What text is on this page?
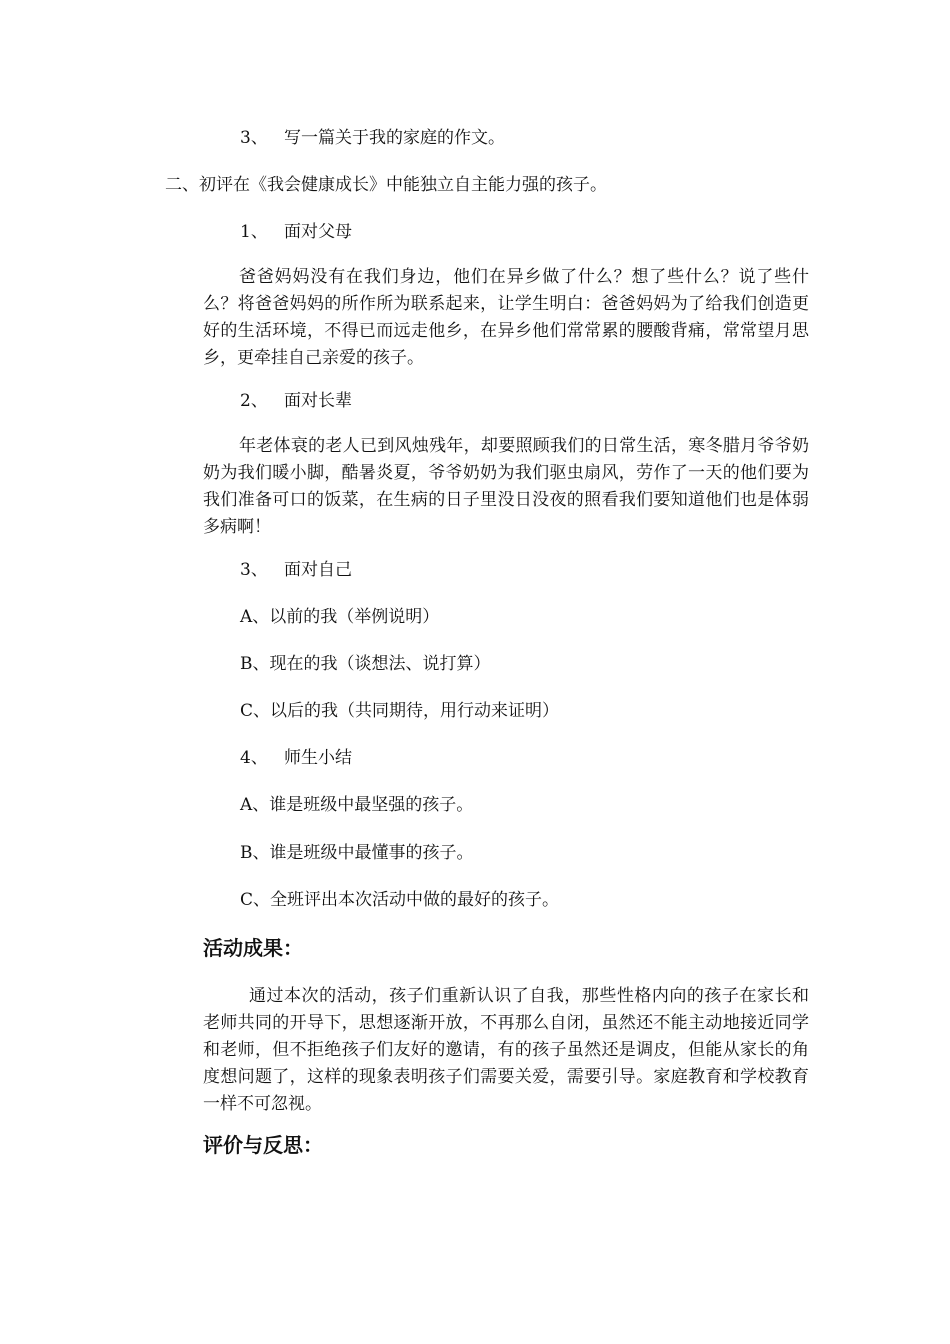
3、 写一篇关于我的家庭的作文。
二、初评在《我会健康成长》中能独立自主能力强的孩子。
1、 面对父母
爸爸妈妈没有在我们身边，他们在异乡做了什么？想了些什么？说了些什么？将爸爸妈妈的所作所为联系起来，让学生明白：爸爸妈妈为了给我们创造更好的生活环境，不得已而远走他乡，在异乡他们常常累的腰酸背痛，常常望月思乡，更牵挂自己亲爱的孩子。
2、 面对长辈
年老体衰的老人已到风烛残年，却要照顾我们的日常生活，寒冬腊月爷爷奶奶为我们暖小脚，酷暑炎夏，爷爷奶奶为我们驱虫扇风，劳作了一天的他们要为我们准备可口的饭菜，在生病的日子里没日没夜的照看我们要知道他们也是体弱多病啊！
3、 面对自己
A、以前的我（举例说明）
B、现在的我（谈想法、说打算）
C、以后的我（共同期待，用行动来证明）
4、 师生小结
A、谁是班级中最坚强的孩子。
B、谁是班级中最懂事的孩子。
C、全班评出本次活动中做的最好的孩子。
活动成果：
通过本次的活动，孩子们重新认识了自我，那些性格内向的孩子在家长和老师共同的开导下，思想逐渐开放，不再那么自闭，虽然还不能主动地接近同学和老师，但不拒绝孩子们友好的邀请，有的孩子虽然还是调皮，但能从家长的角度想问题了，这样的现象表明孩子们需要关爱，需要引导。家庭教育和学校教育一样不可忽视。
评价与反思：
